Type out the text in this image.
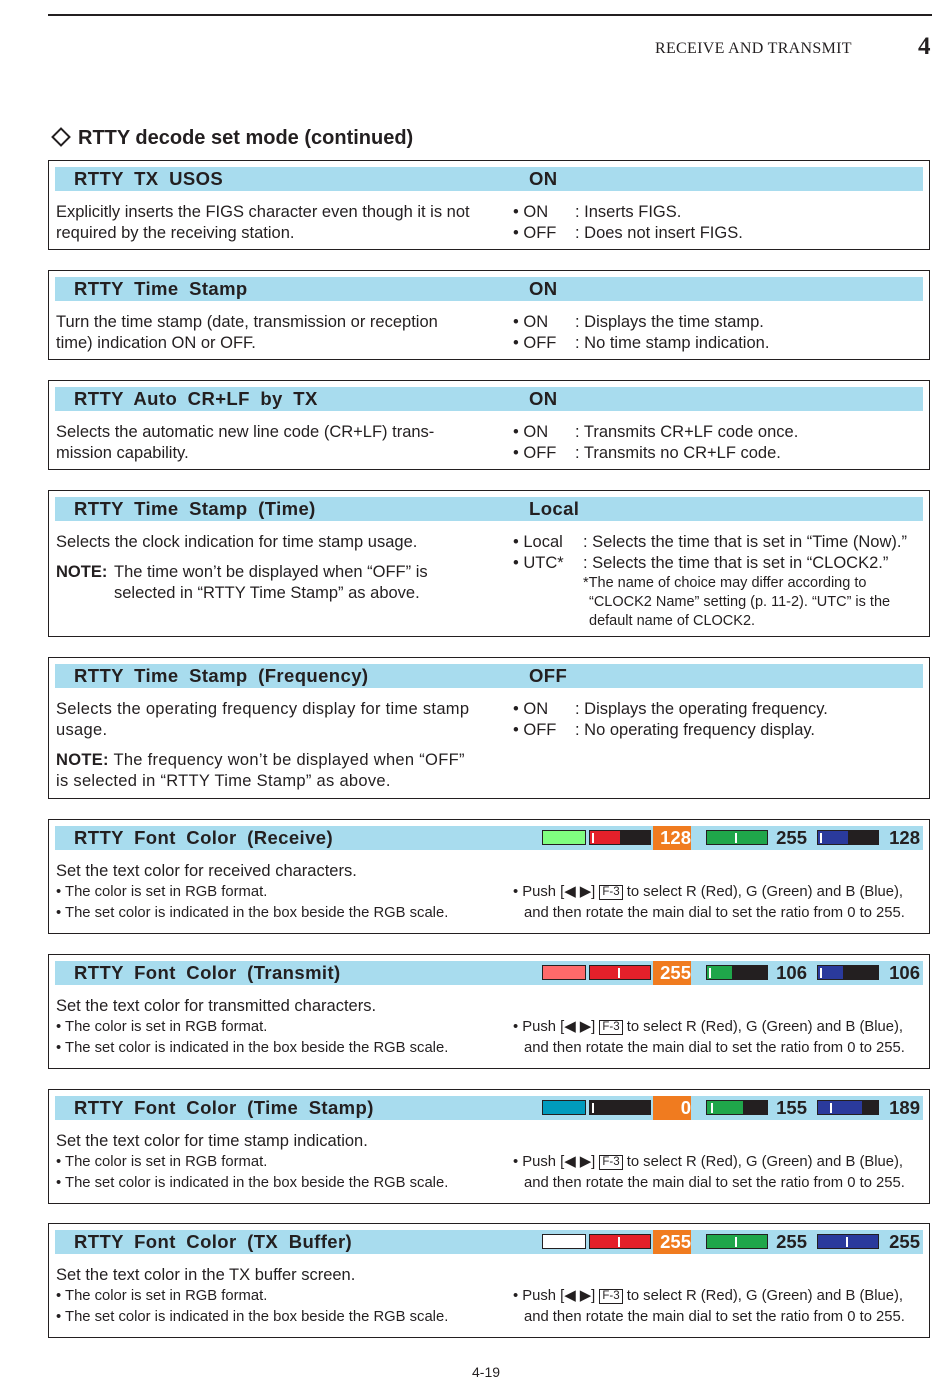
RECEIVE AND TRANSMIT	4
RTTY decode set mode (continued)
RTTY TX USOS	ON

Explicitly inserts the FIGS character even though it is not required by the receiving station.

• ON : Inserts FIGS.
• OFF : Does not insert FIGS.
RTTY Time Stamp	ON

Turn the time stamp (date, transmission or reception time) indication ON or OFF.

• ON : Displays the time stamp.
• OFF : No time stamp indication.
RTTY Auto CR+LF by TX	ON

Selects the automatic new line code (CR+LF) trans-mission capability.

• ON : Transmits CR+LF code once.
• OFF : Transmits no CR+LF code.
RTTY Time Stamp (Time)	Local

Selects the clock indication for time stamp usage.

NOTE: The time won’t be displayed when “OFF” is selected in “RTTY Time Stamp” as above.

• Local : Selects the time that is set in “Time (Now).”
• UTC* : Selects the time that is set in “CLOCK2.”

*The name of choice may differ according to “CLOCK2 Name” setting (p. 11-2). “UTC” is the default name of CLOCK2.

RTTY Time Stamp (Frequency)	OFF

Selects the operating frequency display for time stamp usage.

NOTE: The frequency won’t be displayed when “OFF” is selected in “RTTY Time Stamp” as above.

• ON : Displays the operating frequency.
• OFF : No operating frequency display.
RTTY Font Color (Receive)	128	255	128

Set the text color for received characters.

• The color is set in RGB format.

• The set color is indicated in the box beside the RGB scale.

• Push [◀ ▶] F-3 to select R (Red), G (Green) and B (Blue),

and then rotate the main dial to set the ratio from 0 to 255.

RTTY Font Color (Transmit)	255	106	106

Set the text color for transmitted characters.

• The color is set in RGB format.

• The set color is indicated in the box beside the RGB scale.

• Push [◀ ▶] F-3 to select R (Red), G (Green) and B (Blue),

and then rotate the main dial to set the ratio from 0 to 255.

RTTY Font Color (Time Stamp)	0	155	189

Set the text color for time stamp indication.

• The color is set in RGB format.

• The set color is indicated in the box beside the RGB scale.

• Push [◀ ▶] F-3 to select R (Red), G (Green) and B (Blue),

and then rotate the main dial to set the ratio from 0 to 255.

RTTY Font Color (TX Buffer)	255	255	255

Set the text color in the TX buffer screen.

• The color is set in RGB format.

• The set color is indicated in the box beside the RGB scale.

• Push [◀ ▶] F-3 to select R (Red), G (Green) and B (Blue),

and then rotate the main dial to set the ratio from 0 to 255.

4-19
